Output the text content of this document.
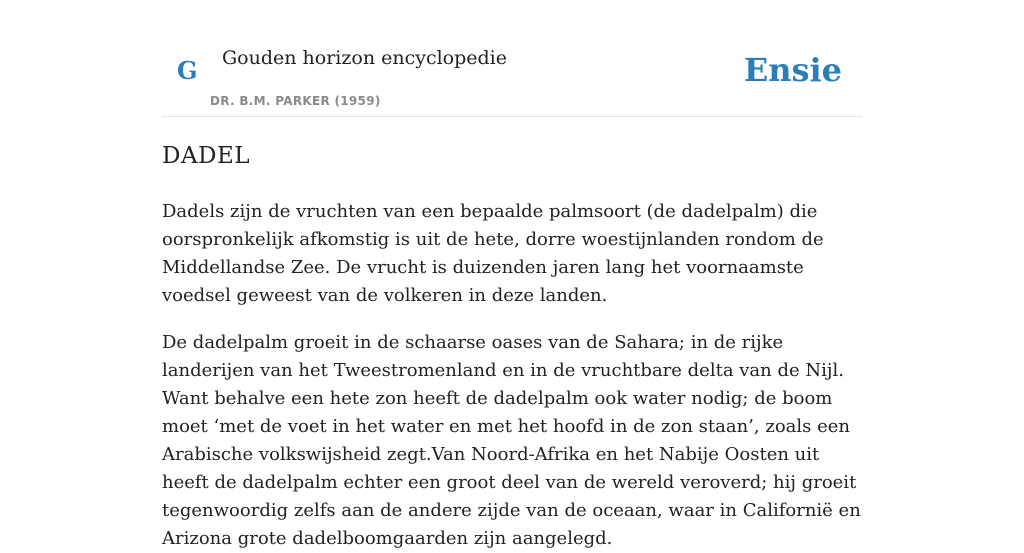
G Gouden horizon encyclopedie
DR. B.M. PARKER (1959)
Ensie
DADEL

Dadels zijn de vruchten van een bepaalde palmsoort (de dadelpalm) die oorspronkelijk afkomstig is uit de hete, dorre woestijnlanden rondom de Middellandse Zee. De vrucht is duizenden jaren lang het voornaamste voedsel geweest van de volkeren in deze landen.

De dadelpalm groeit in de schaarse oases van de Sahara; in de rijke landerijen van het Tweestromenland en in de vruchtbare delta van de Nijl. Want behalve een hete zon heeft de dadelpalm ook water nodig; de boom moet ‘met de voet in het water en met het hoofd in de zon staan’, zoals een Arabische volkswijsheid zegt.Van Noord-Afrika en het Nabije Oosten uit heeft de dadelpalm echter een groot deel van de wereld veroverd; hij groeit tegenwoordig zelfs aan de andere zijde van de oceaan, waar in Californië en Arizona grote dadelboomgaarden zijn aangelegd.
